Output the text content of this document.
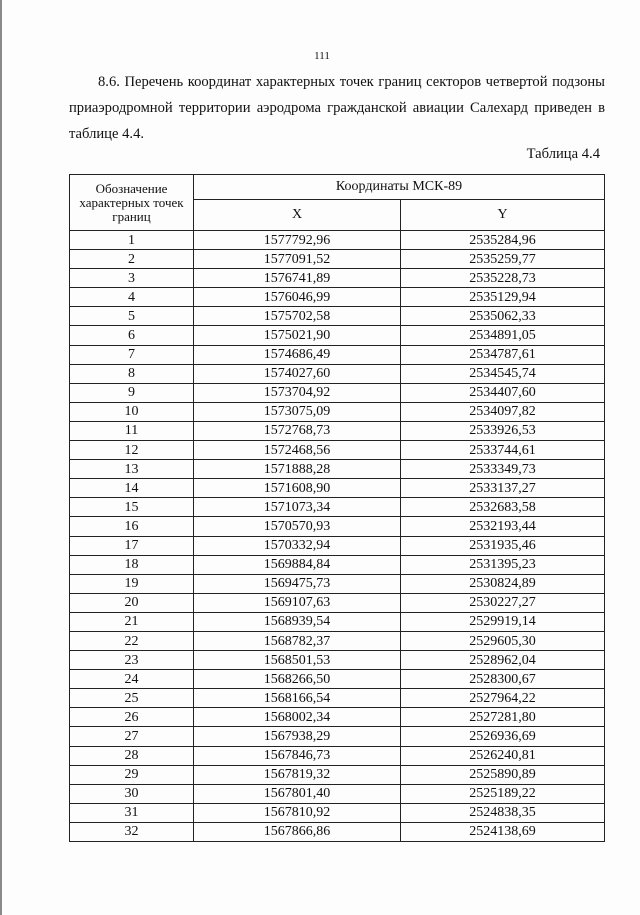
111

8.6. Перечень координат характерных точек границ секторов четвертой подзоны приаэродромной территории аэродрома гражданской авиации Салехард приведен в таблице 4.4.

Таблица 4.4
Обозначение характерных точек границ	Координаты МСК-89	
	X	Y
1	1577792,96	2535284,96
2	1577091,52	2535259,77
3	1576741,89	2535228,73
4	1576046,99	2535129,94
5	1575702,58	2535062,33
6	1575021,90	2534891,05
7	1574686,49	2534787,61
8	1574027,60	2534545,74
9	1573704,92	2534407,60
10	1573075,09	2534097,82
11	1572768,73	2533926,53
12	1572468,56	2533744,61
13	1571888,28	2533349,73
14	1571608,90	2533137,27
15	1571073,34	2532683,58
16	1570570,93	2532193,44
17	1570332,94	2531935,46
18	1569884,84	2531395,23
19	1569475,73	2530824,89
20	1569107,63	2530227,27
21	1568939,54	2529919,14
22	1568782,37	2529605,30
23	1568501,53	2528962,04
24	1568266,50	2528300,67
25	1568166,54	2527964,22
26	1568002,34	2527281,80
27	1567938,29	2526936,69
28	1567846,73	2526240,81
29	1567819,32	2525890,89
30	1567801,40	2525189,22
31	1567810,92	2524838,35
32	1567866,86	2524138,69
